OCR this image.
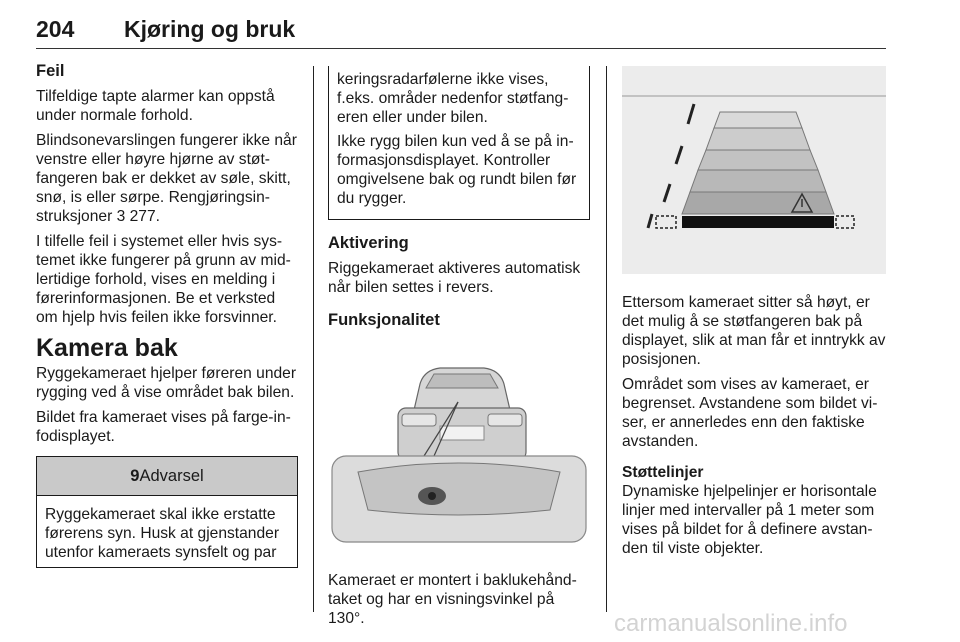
204 Kjøring og bruk
Feil

Tilfeldige tapte alarmer kan oppstå under normale forhold.

Blindsonevarslingen fungerer ikke når venstre eller høyre hjørne av støtfangeren bak er dekket av søle, skitt, snø, is eller sørpe. Rengjøringsinstruksjoner 3 277.

I tilfelle feil i systemet eller hvis systemet ikke fungerer på grunn av midlertidige forhold, vises en melding i førerinformasjonen. Be et verksted om hjelp hvis feilen ikke forsvinner.

Kamera bak

Ryggekameraet hjelper føreren under rygging ved å vise området bak bilen.

Bildet fra kameraet vises på farge-infodisplayet.

9Advarsel
Ryggekameraet skal ikke erstatte førerens syn. Husk at gjenstander utenfor kameraets synsfelt og par

keringsradarfølerne ikke vises, f.eks. områder nedenfor støtfangeren eller under bilen.

Ikke rygg bilen kun ved å se på informasjonsdisplayet. Kontroller omgivelsene bak og rundt bilen før du rygger.

Aktivering

Riggekameraet aktiveres automatisk når bilen settes i revers.

Funksjonalitet

Kameraet er montert i baklukehåndtaket og har en visningsvinkel på 130°.

Ettersom kameraet sitter så høyt, er det mulig å se støtfangeren bak på displayet, slik at man får et inntrykk av posisjonen.

Området som vises av kameraet, er begrenset. Avstandene som bildet viser, er annerledes enn den faktiske avstanden.

Støttelinjer

Dynamiske hjelpelinjer er horisontale linjer med intervaller på 1 meter som vises på bildet for å definere avstanden til viste objekter.

carmanualsonline.info
